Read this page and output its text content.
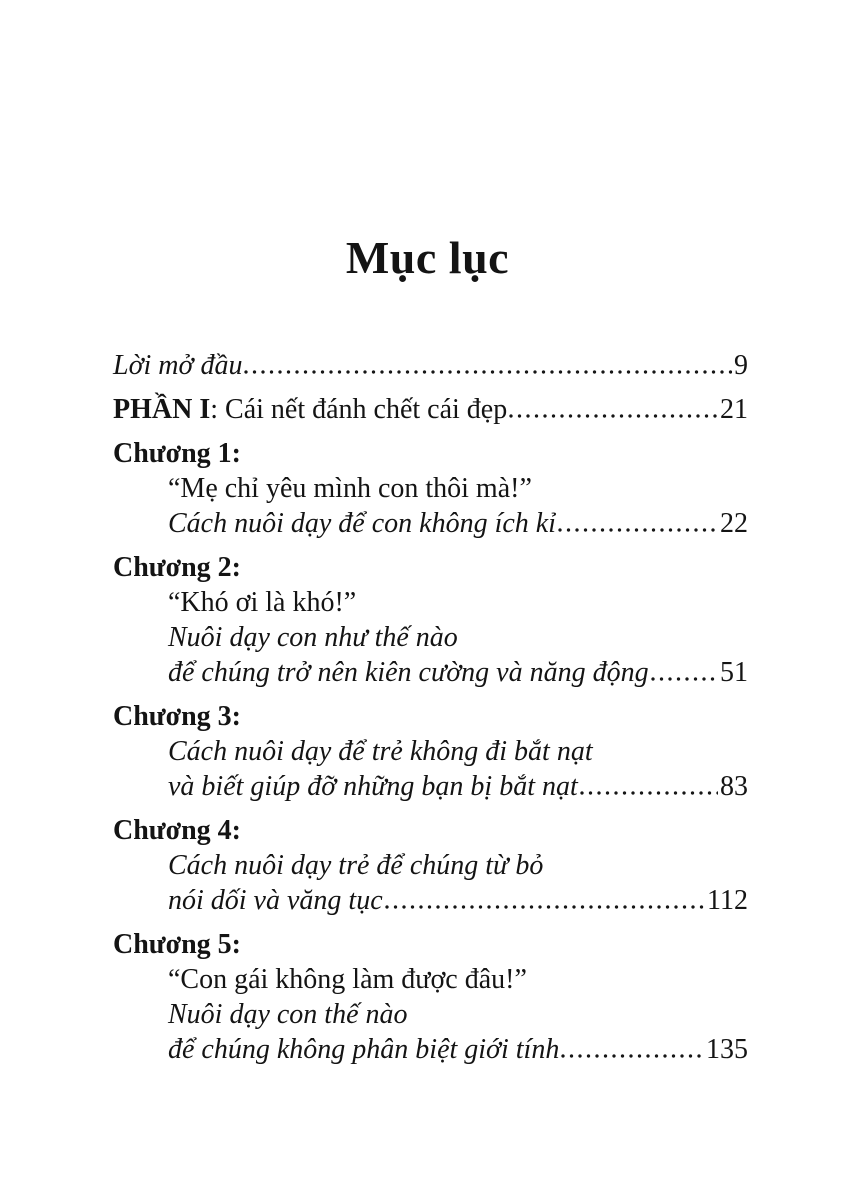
Mục lục
Lời mở đầu	9
PHẦN I : Cái nết đánh chết cái đẹp	21
Chương 1:
“Mẹ chỉ yêu mình con thôi mà!”
Cách nuôi dạy để con không ích kỉ	22
Chương 2:
“Khó ơi là khó!”
Nuôi dạy con như thế nào
để chúng trở nên kiên cường và năng động	51
Chương 3:
Cách nuôi dạy để trẻ không đi bắt nạt
và biết giúp đỡ những bạn bị bắt nạt	83
Chương 4:
Cách nuôi dạy trẻ để chúng từ bỏ
nói dối và văng tục	112
Chương 5:
“Con gái không làm được đâu!”
Nuôi dạy con thế nào
để chúng không phân biệt giới tính	135
